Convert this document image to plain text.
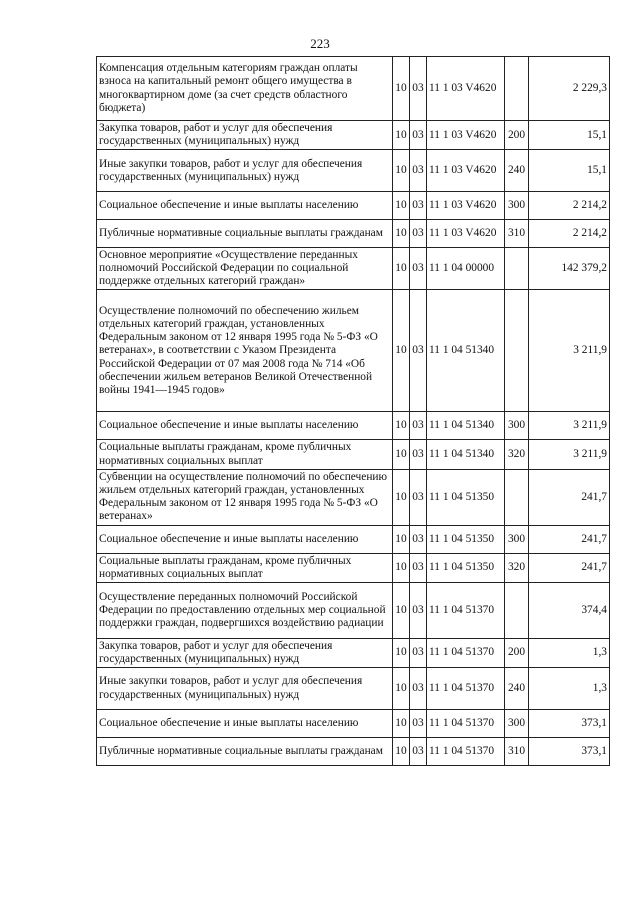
223
Компенсация отдельным категориям граждан оплаты взноса на капитальный ремонт общего имущества в многоквартирном доме (за счет средств областного бюджета)	10	03	11 1 03 V4620		2 229,3
Закупка товаров, работ и услуг для обеспечения государственных (муниципальных) нужд	10	03	11 1 03 V4620	200	15,1
Иные закупки товаров, работ и услуг для обеспечения государственных (муниципальных) нужд	10	03	11 1 03 V4620	240	15,1
Социальное обеспечение и иные выплаты населению	10	03	11 1 03 V4620	300	2 214,2
Публичные нормативные социальные выплаты гражданам	10	03	11 1 03 V4620	310	2 214,2
Основное мероприятие «Осуществление переданных полномочий Российской Федерации по социальной поддержке отдельных категорий граждан»	10	03	11 1 04 00000		142 379,2
Осуществление полномочий по обеспечению жильем отдельных категорий граждан, установленных Федеральным законом от 12 января 1995 года № 5-ФЗ «О ветеранах», в соответствии с Указом Президента Российской Федерации от 07 мая 2008 года № 714 «Об обеспечении жильем ветеранов Великой Отечественной войны 1941—1945 годов»	10	03	11 1 04 51340		3 211,9
Социальное обеспечение и иные выплаты населению	10	03	11 1 04 51340	300	3 211,9
Социальные выплаты гражданам, кроме публичных нормативных социальных выплат	10	03	11 1 04 51340	320	3 211,9
Субвенции на осуществление полномочий по обеспечению жильем отдельных категорий граждан, установленных Федеральным законом от 12 января 1995 года № 5-ФЗ «О ветеранах»	10	03	11 1 04 51350		241,7
Социальное обеспечение и иные выплаты населению	10	03	11 1 04 51350	300	241,7
Социальные выплаты гражданам, кроме публичных нормативных социальных выплат	10	03	11 1 04 51350	320	241,7
Осуществление переданных полномочий Российской Федерации по предоставлению отдельных мер социальной поддержки граждан, подвергшихся воздействию радиации	10	03	11 1 04 51370		374,4
Закупка товаров, работ и услуг для обеспечения государственных (муниципальных) нужд	10	03	11 1 04 51370	200	1,3
Иные закупки товаров, работ и услуг для обеспечения государственных (муниципальных) нужд	10	03	11 1 04 51370	240	1,3
Социальное обеспечение и иные выплаты населению	10	03	11 1 04 51370	300	373,1
Публичные нормативные социальные выплаты гражданам	10	03	11 1 04 51370	310	373,1
